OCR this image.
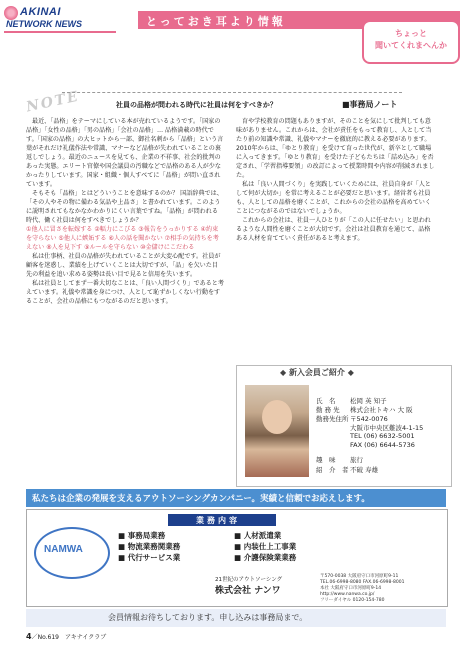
AKINAI
NETWORK NEWS	とっておき耳より情報
ちょっと
聞いてくれまへんか
NOTE	社員の品格が問われる時代に社員は何をすべきか？	■事務局ノート

最近、「品格」をテーマにしている本が売れているようです。「国家の品格」「女性の品格」「男の品格」「会社の品格」… 品格満載の時代です。「国家の品格」の大ヒットから一部、御社名刺から「品格」という言葉がそれだけ礼儀作法や常識、マナーなど品格が失われていることの裏返しでしょう。最近のニュースを見ても、企業の不祥事、社会的批判のあった実態。エリート官僚や国会議員の汚職などで品格のある人が少なかったりしています。国家・組織・個人すべてに「品格」が問い直されています。

そもそも「品格」とはどういうことを意味するのか？ 国語辞典では、「その人やその物に備わる気品や上品さ」と書かれています。このように説明されてもなかなかわかりにくい言葉ですね。「品格」が問われる時代、働く社員は何をすべきでしょうか？

①他人に冒さを転嫁する ②幅力にこびる ③報告をうっかりする ④約束を守らない ⑤他人に嫉妬する ⑥人の話を聞かない ⑦相手の気持ちを考えない ⑧人を見下す ⑨ルールを守らない ⑩金儲けにこだわる

私は仕事柄、社員の品格が失われていることが大変心配です。社員が顧客を迷惑し、業績を上げていくことは大切ですが、「品」を欠いた目先の利益を追い求める姿勢は長い目で見ると信用を失います。

私は社員としてまず一番大切なことは、「良い人間づくり」であると考えています。礼儀や常識を身につけ、人として恥ずかしくない行動をすることが、会社の品格にもつながるのだと思います。

育や学校教育の問題もありますが、そのことを気にして批判しても意味がありません。これからは、会社が責任をもって教育し、人として当たり前の知識や常識、礼儀やマナーを徹底的に教える必要があります。2010年からは、「ゆとり教育」を受けて育った世代が、新卒として職場に入ってきます。「ゆとり教育」を受けた子どもたちは「詰め込み」を否定され、「学習指導要領」の改訂によって授業時間や内容が削減されました。

私は「良い人間づくり」を実践していくためには、社員自身が「人として何が大切か」を常に考えることが必要だと思います。経営者も社員も、人としての品格を磨くことが、これからの会社の品格を高めていくことにつながるのではないでしょうか。

これからの会社は、社員一人ひとりが「この人に任せたい」と思われるような人間性を磨くことが大切です。会社は社員教育を通じて、品格ある人材を育てていく責任があると考えます。

◆ 新入会員ご紹介 ◆
氏　名 松岡 英 知子
勤 務 先 株式会社トキハ 大 阪
勤務先住所 〒542-0076
大阪市中央区難波4-1-15
TEL (06) 6632-5001
FAX (06) 6644-5736
趣　味 旅行
紹　介　者 不破 寿雄
私たちは企業の発展を支えるアウトソーシングカンパニー。実績と信頼でお応えします。
NAMWA
業務内容
■ 事務局業務
■ 物流業務関業務
■ 代行サービス業
■ 人材派遣業
■ 内装仕上工事業
■ 介護保険業業務
21世紀のアウトソーシング
株式会社 ナンワ
〒570-0038 大阪府守口市河原町9-11
TEL.06-6998-8080 FAX.06-6998-8001
本社 大阪府守口市河原町9-14
http://www.nanwa.co.jp/
フリーダイヤル 0120-154-780
会員情報お待ちしております。申し込みは事務局まで。
4／No.619　アキナイクラブ
